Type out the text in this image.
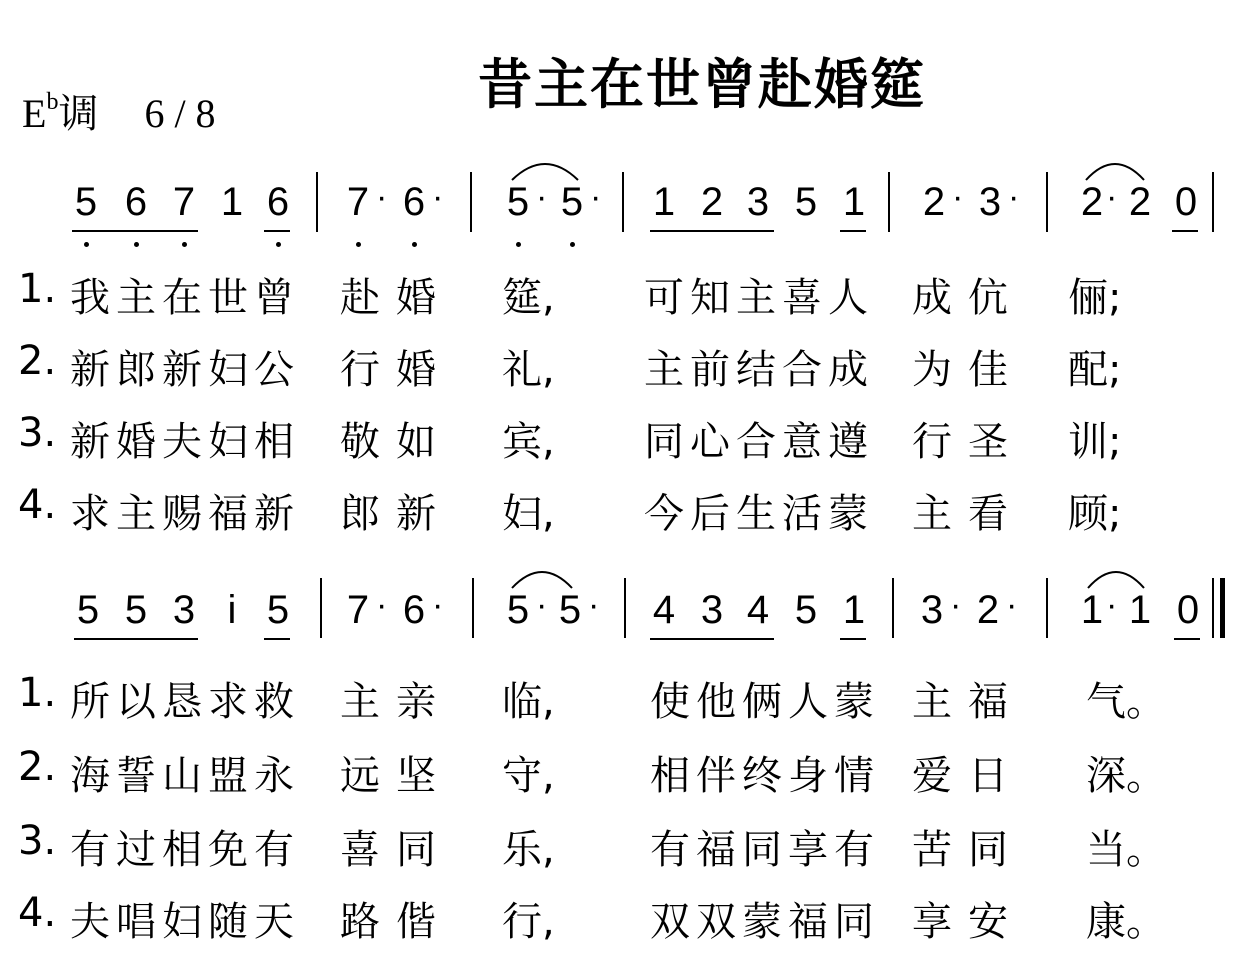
$E^b$调 6 / 8	昔主在世曾赴婚筵
5 6 7 1 6 7 · 6 · 5 · 5 · 1 2 3 5 1 2 · 3 · 2 · 2 0
1. 我主在世曾 赴婚 筵, 可知主喜人 成伉 俪;
2. 新郎新妇公 行婚 礼, 主前结合成 为佳 配;
3. 新婚夫妇相 敬如 宾, 同心合意遵 行圣 训;
4. 求主赐福新 郎新 妇, 今后生活蒙 主看 顾;
5 5 3 i 5 7 · 6 · 5 · 5 · 4 3 4 5 1 3 · 2 · 1 · 1 0
1. 所以恳求救 主亲 临, 使他俩人蒙 主福 气。
2. 海誓山盟永 远坚 守, 相伴终身情 爱日 深。
3. 有过相免有 喜同 乐, 有福同享有 苦同 当。
4. 夫唱妇随天 路偕 行, 双双蒙福同 享安 康。
